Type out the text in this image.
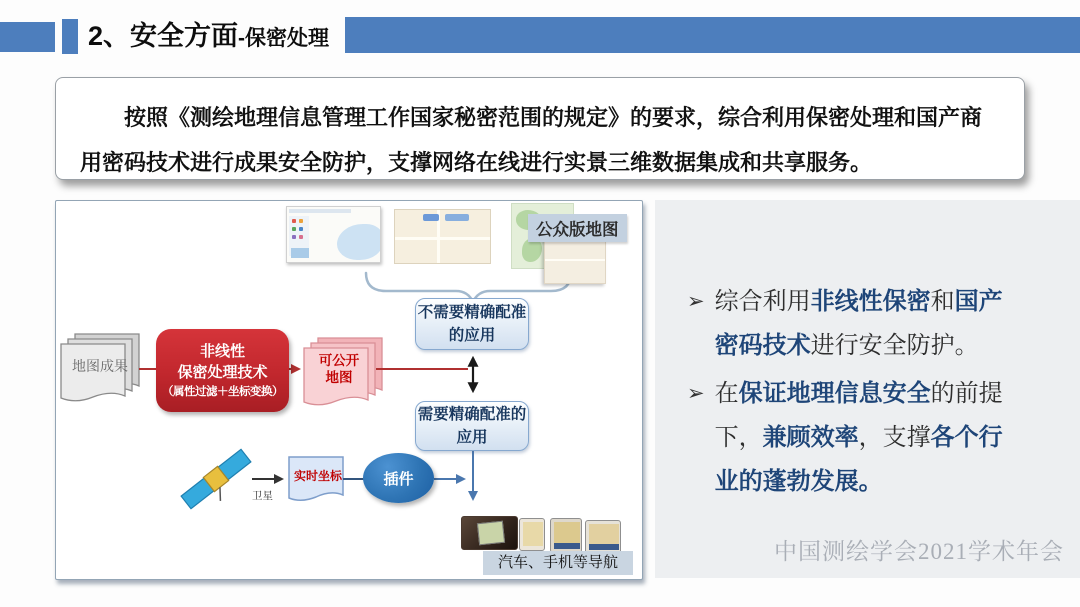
2、安全方面-保密处理

按照《测绘地理信息管理工作国家秘密范围的规定》的要求，综合利用保密处理和国产商用密码技术进行成果安全防护，支撑网络在线进行实景三维数据集成和共享服务。

公众版地图
地图成果
非线性
保密处理技术
（属性过滤＋坐标变换）
可公开
地图
不需要精确配准
的应用
需要精确配准的
应用
卫星
实时坐标	插件
汽车、手机等导航
➢ 综合利用非线性保密和国产密码技术进行安全防护。
➢ 在保证地理信息安全的前提下，兼顾效率，支撑各个行业的蓬勃发展。
中国测绘学会2021学术年会
